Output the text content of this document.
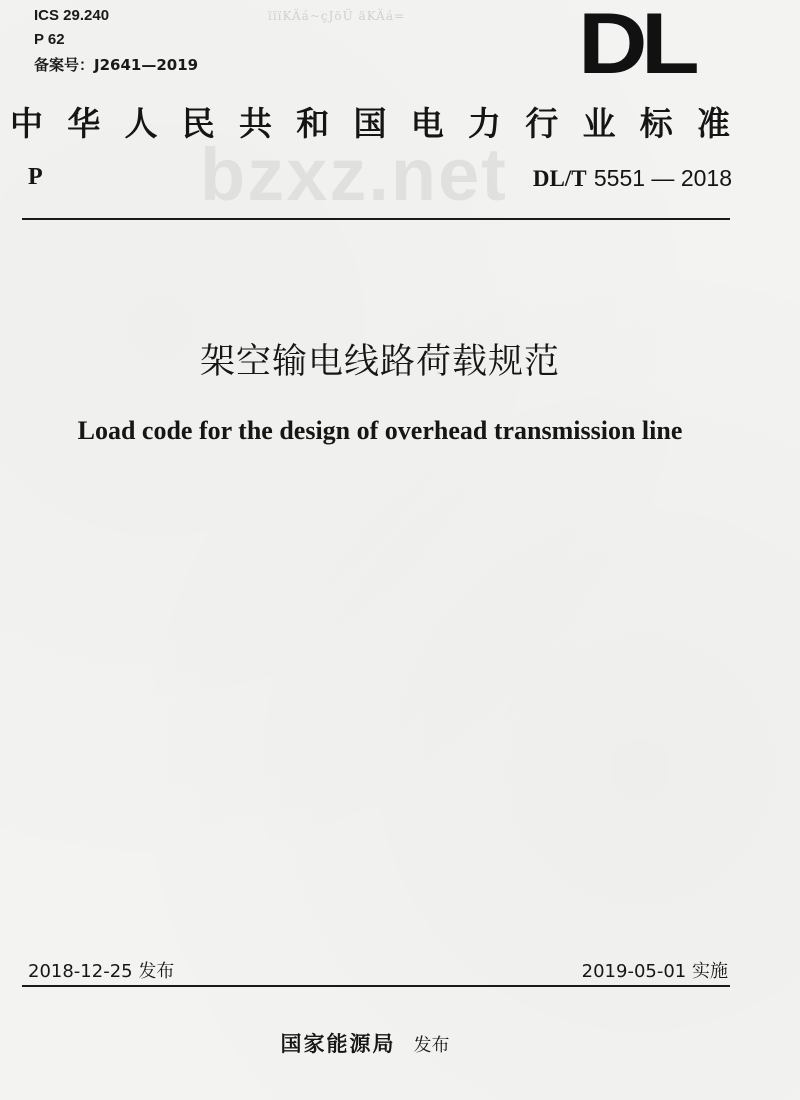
ICS 29.240
P 62
备案号：J2641—2019
ïïïKÄá~çJöÜ äKÄá= DL
中 华 人 民 共 和 国 电 力 行 业 标 准
bzxz.net
P	DL/T 5551 — 2018
架空输电线路荷载规范
Load code for the design of overhead transmission line
2018-12-25 发布	2019-05-01 实施
国家能源局 发布
